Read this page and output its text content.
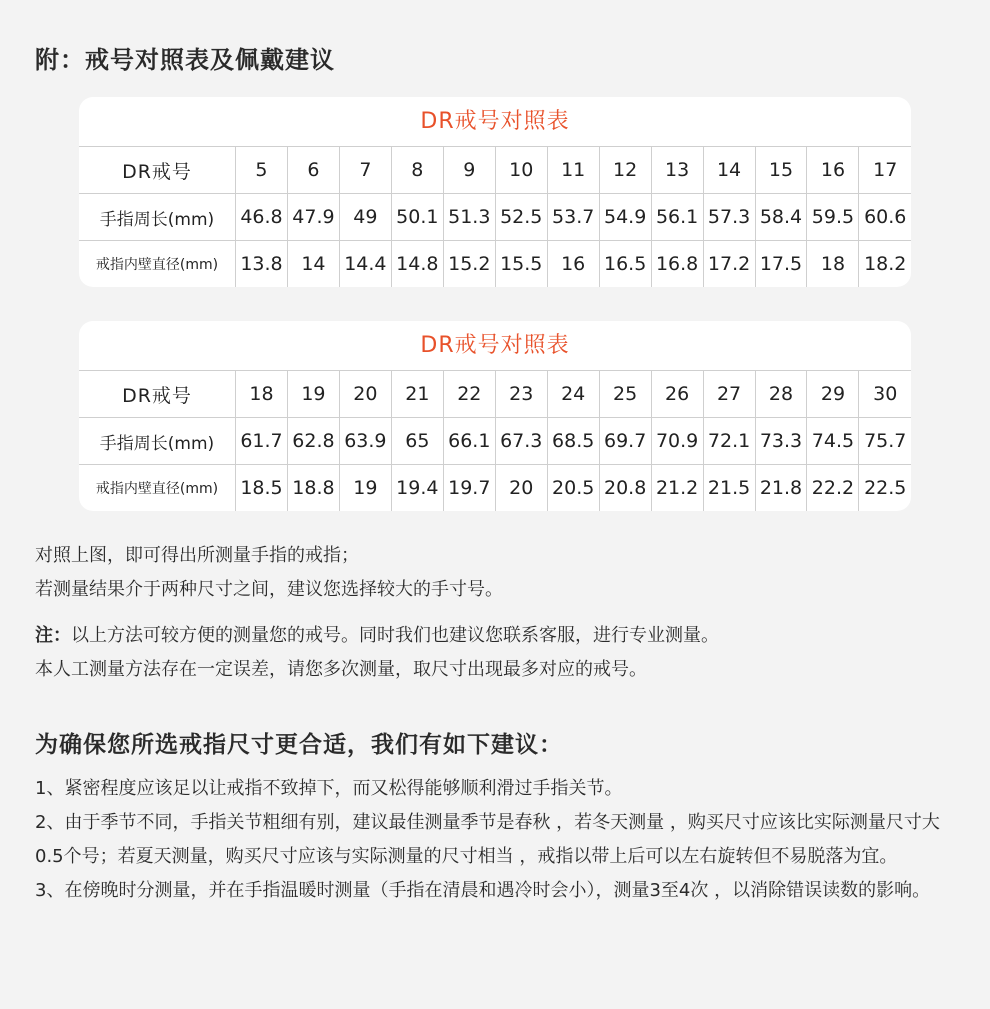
附：戒号对照表及佩戴建议
DR戒号对照表
DR戒号	5	6	7	8	9	10	11	12	13	14	15	16	17
手指周长(mm)	46.8	47.9	49	50.1	51.3	52.5	53.7	54.9	56.1	57.3	58.4	59.5	60.6
戒指内壁直径(mm)	13.8	14	14.4	14.8	15.2	15.5	16	16.5	16.8	17.2	17.5	18	18.2
DR戒号对照表
DR戒号	18	19	20	21	22	23	24	25	26	27	28	29	30
手指周长(mm)	61.7	62.8	63.9	65	66.1	67.3	68.5	69.7	70.9	72.1	73.3	74.5	75.7
戒指内壁直径(mm)	18.5	18.8	19	19.4	19.7	20	20.5	20.8	21.2	21.5	21.8	22.2	22.5

对照上图，即可得出所测量手指的戒指；

若测量结果介于两种尺寸之间，建议您选择较大的手寸号。

注：以上方法可较方便的测量您的戒号。同时我们也建议您联系客服，进行专业测量。

本人工测量方法存在一定误差，请您多次测量，取尺寸出现最多对应的戒号。

为确保您所选戒指尺寸更合适，我们有如下建议：

1、紧密程度应该足以让戒指不致掉下，而又松得能够顺利滑过手指关节。

2、由于季节不同，手指关节粗细有别，建议最佳测量季节是春秋 ，若冬天测量 ，购买尺寸应该比实际测量尺寸大0.5个号；若夏天测量，购买尺寸应该与实际测量的尺寸相当 ，戒指以带上后可以左右旋转但不易脱落为宜。

3、在傍晚时分测量，并在手指温暖时测量（手指在清晨和遇冷时会小），测量3至4次 ，以消除错误读数的影响。
